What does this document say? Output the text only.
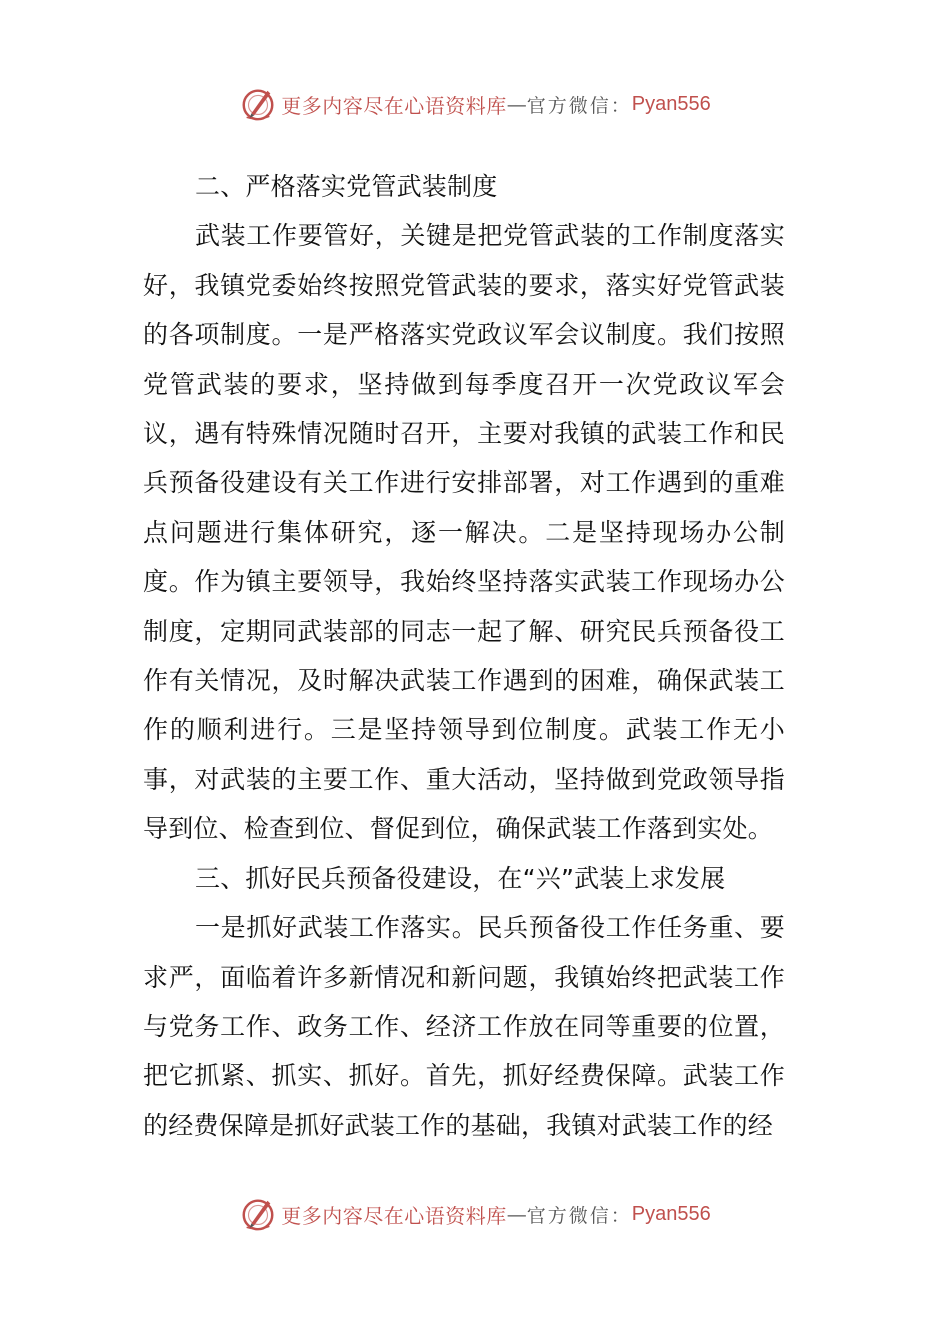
更多内容尽在心语资料库 — 官方微信： Pyan556

二、严格落实党管武装制度

武装工作要管好，关键是把党管武装的工作制度落实好，我镇党委始终按照党管武装的要求，落实好党管武装的各项制度。一是严格落实党政议军会议制度。我们按照党管武装的要求，坚持做到每季度召开一次党政议军会议，遇有特殊情况随时召开，主要对我镇的武装工作和民兵预备役建设有关工作进行安排部署，对工作遇到的重难点问题进行集体研究，逐一解决。二是坚持现场办公制度。作为镇主要领导，我始终坚持落实武装工作现场办公制度，定期同武装部的同志一起了解、研究民兵预备役工作有关情况，及时解决武装工作遇到的困难，确保武装工作的顺利进行。三是坚持领导到位制度。武装工作无小事，对武装的主要工作、重大活动，坚持做到党政领导指导到位、检查到位、督促到位，确保武装工作落到实处。

三、抓好民兵预备役建设，在“兴”武装上求发展

一是抓好武装工作落实。民兵预备役工作任务重、要求严，面临着许多新情况和新问题，我镇始终把武装工作与党务工作、政务工作、经济工作放在同等重要的位置，把它抓紧、抓实、抓好。首先，抓好经费保障。武装工作的经费保障是抓好武装工作的基础，我镇对武装工作的经

更多内容尽在心语资料库 — 官方微信： Pyan556
